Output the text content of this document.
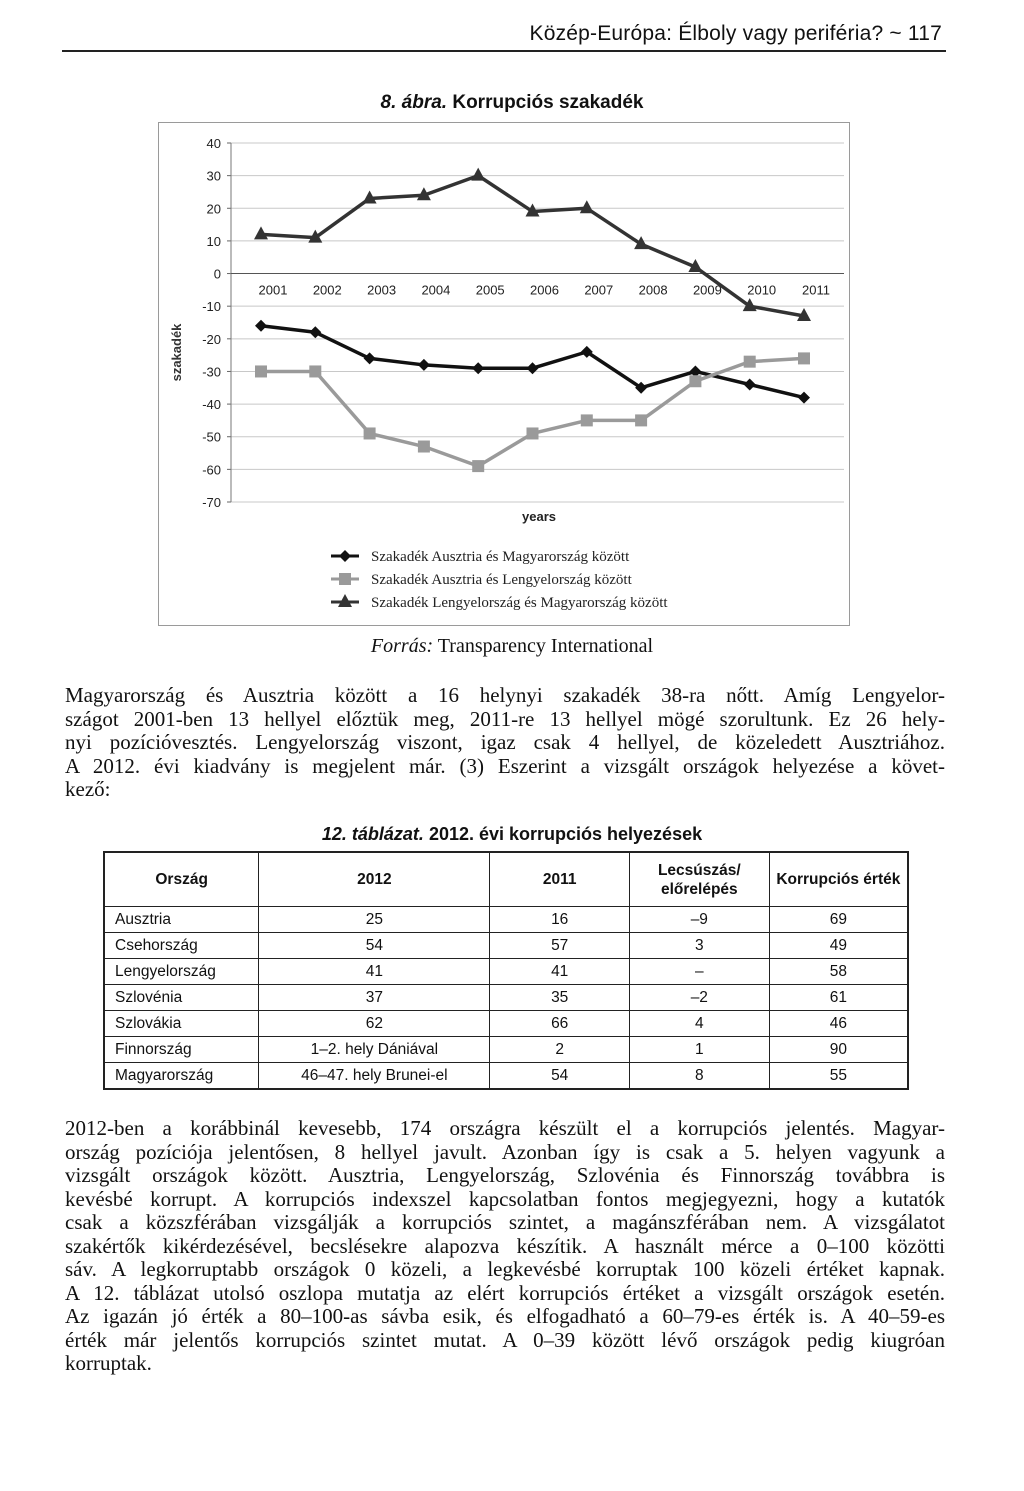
Közép-Európa: Élboly vagy periféria? ~ 117
8. ábra. Korrupciós szakadék
40
30
20
10
0
-10
-20
-30
-40
-50
-60
-70
2001 2002 2003 2004 2005 2006 2007 2008 2009 2010 2011
szakadék
years
Szakadék Ausztria és Magyarország között
Szakadék Ausztria és Lengyelország között
Szakadék Lengyelország és Magyarország között
Forrás: Transparency International
Magyarország és Ausztria között a 16 helynyi szakadék 38-ra nőtt. Amíg Lengyelor-
szágot 2001-ben 13 hellyel előztük meg, 2011-re 13 hellyel mögé szorultunk. Ez 26 hely-
nyi pozícióvesztés. Lengyelország viszont, igaz csak 4 hellyel, de közeledett Ausztriához.
A 2012. évi kiadvány is megjelent már. (3) Eszerint a vizsgált országok helyezése a követ-
kező:
12. táblázat. 2012. évi korrupciós helyezések
Ország	2012	2011	Lecsúszás/ előrelépés	Korrupciós érték
Ausztria	25	16	–9	69
Csehország	54	57	3	49
Lengyelország	41	41	–	58
Szlovénia	37	35	–2	61
Szlovákia	62	66	4	46
Finnország	1–2. hely Dániával	2	1	90
Magyarország	46–47. hely Brunei-el	54	8	55
2012-ben a korábbinál kevesebb, 174 országra készült el a korrupciós jelentés. Magyar-
ország pozíciója jelentősen, 8 hellyel javult. Azonban így is csak a 5. helyen vagyunk a
vizsgált országok között. Ausztria, Lengyelország, Szlovénia és Finnország továbbra is
kevésbé korrupt. A korrupciós indexszel kapcsolatban fontos megjegyezni, hogy a kutatók
csak a közszférában vizsgálják a korrupciós szintet, a magánszférában nem. A vizsgálatot
szakértők kikérdezésével, becslésekre alapozva készítik. A használt mérce a 0–100 közötti
sáv. A legkorruptabb országok 0 közeli, a legkevésbé korruptak 100 közeli értéket kapnak.
A 12. táblázat utolsó oszlopa mutatja az elért korrupciós értéket a vizsgált országok esetén.
Az igazán jó érték a 80–100-as sávba esik, és elfogadható a 60–79-es érték is. A 40–59-es
érték már jelentős korrupciós szintet mutat. A 0–39 között lévő országok pedig kiugróan
korruptak.
